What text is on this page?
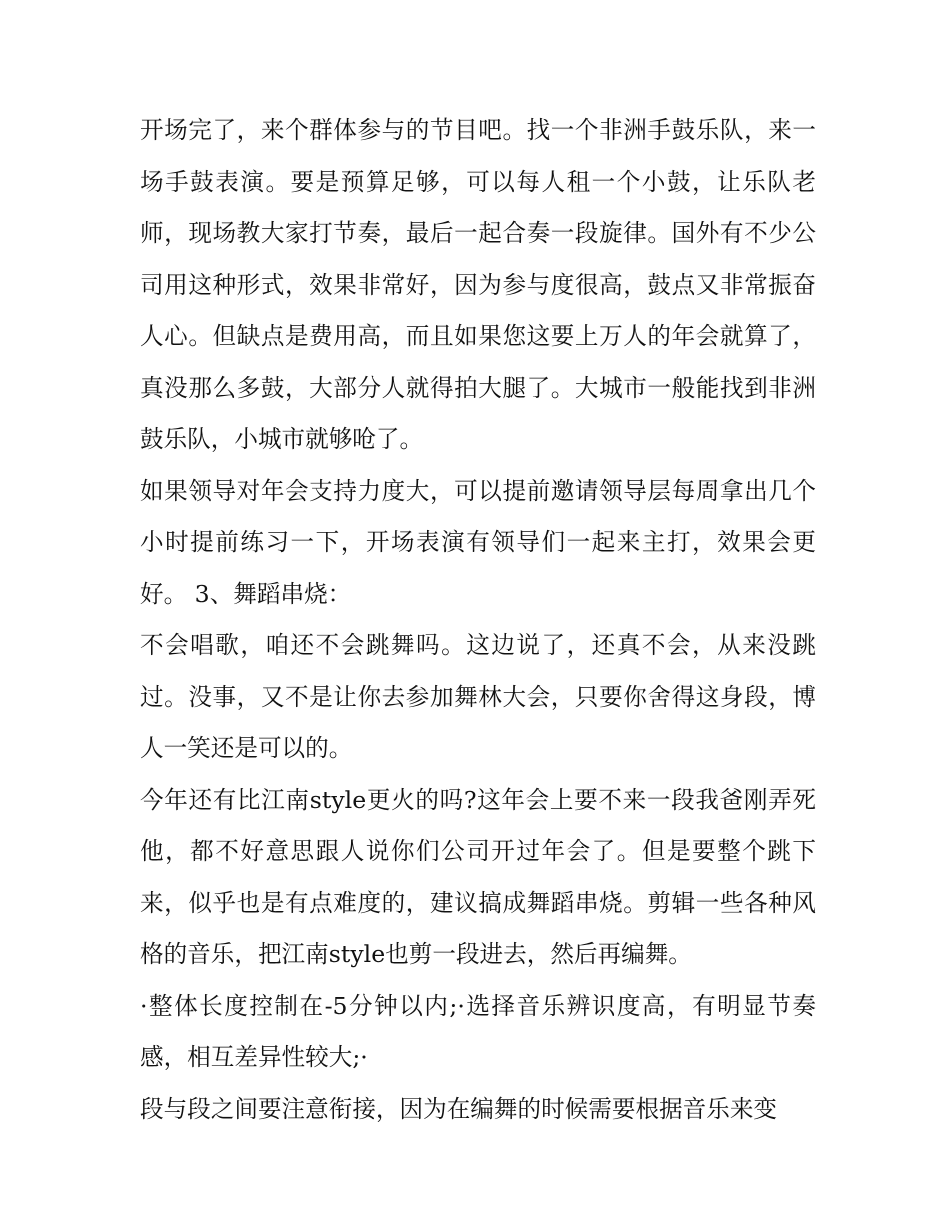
开场完了，来个群体参与的节目吧。找一个非洲手鼓乐队，来一场手鼓表演。要是预算足够，可以每人租一个小鼓，让乐队老师，现场教大家打节奏，最后一起合奏一段旋律。国外有不少公司用这种形式，效果非常好，因为参与度很高，鼓点又非常振奋人心。但缺点是费用高，而且如果您这要上万人的年会就算了，真没那么多鼓，大部分人就得拍大腿了。大城市一般能找到非洲鼓乐队，小城市就够呛了。

如果领导对年会支持力度大，可以提前邀请领导层每周拿出几个小时提前练习一下，开场表演有领导们一起来主打，效果会更好。 3、舞蹈串烧：

不会唱歌，咱还不会跳舞吗。这边说了，还真不会，从来没跳过。没事，又不是让你去参加舞林大会，只要你舍得这身段，博人一笑还是可以的。

今年还有比江南style更火的吗?这年会上要不来一段我爸刚弄死他，都不好意思跟人说你们公司开过年会了。但是要整个跳下来，似乎也是有点难度的，建议搞成舞蹈串烧。剪辑一些各种风格的音乐，把江南style也剪一段进去，然后再编舞。

·整体长度控制在-5分钟以内;·选择音乐辨识度高，有明显节奏感，相互差异性较大;·

段与段之间要注意衔接，因为在编舞的时候需要根据音乐来变
